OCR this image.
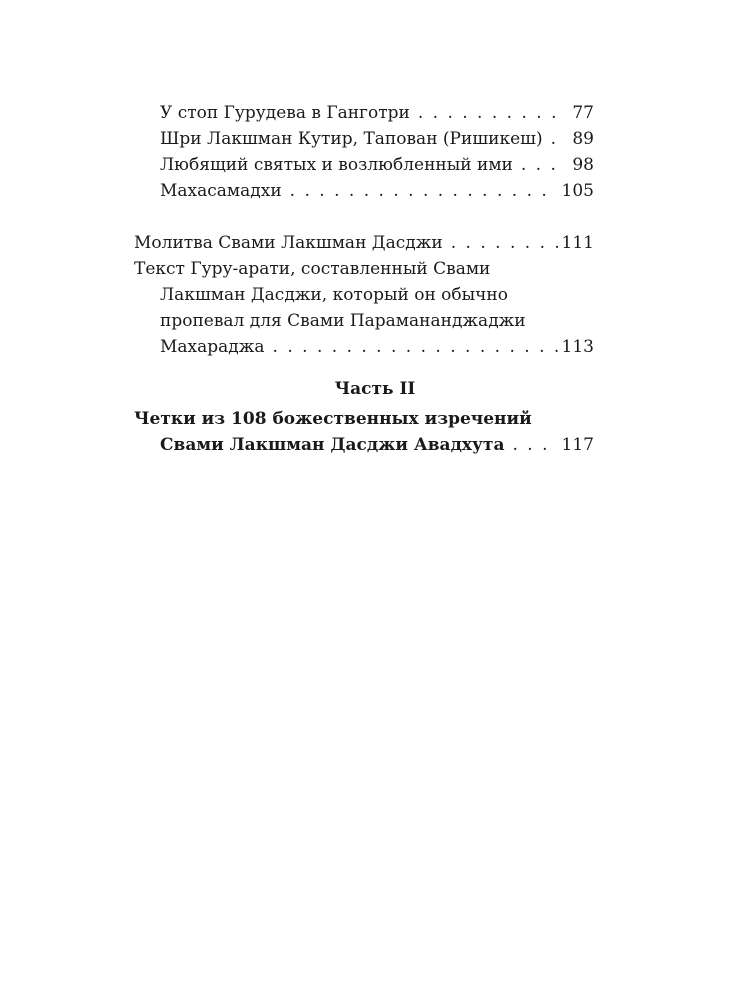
У стоп Гурудева в Ганготри . . .	77
Шри Лакшман Кутир, Тапован (Ришикеш) . . .	89
Любящий святых и возлюбленный ими . . .	98
Махасамадхи . . .	105
Молитва Свами Лакшман Дасджи . . .	111
Текст Гуру-арати, составленный Свами
Лакшман Дасджи, который он обычно
пропевал для Свами Парамананджаджи
Махараджа . . .	113
Часть II
Четки из 108 божественных изречений
Свами Лакшман Дасджи Авадхута . . .	117
